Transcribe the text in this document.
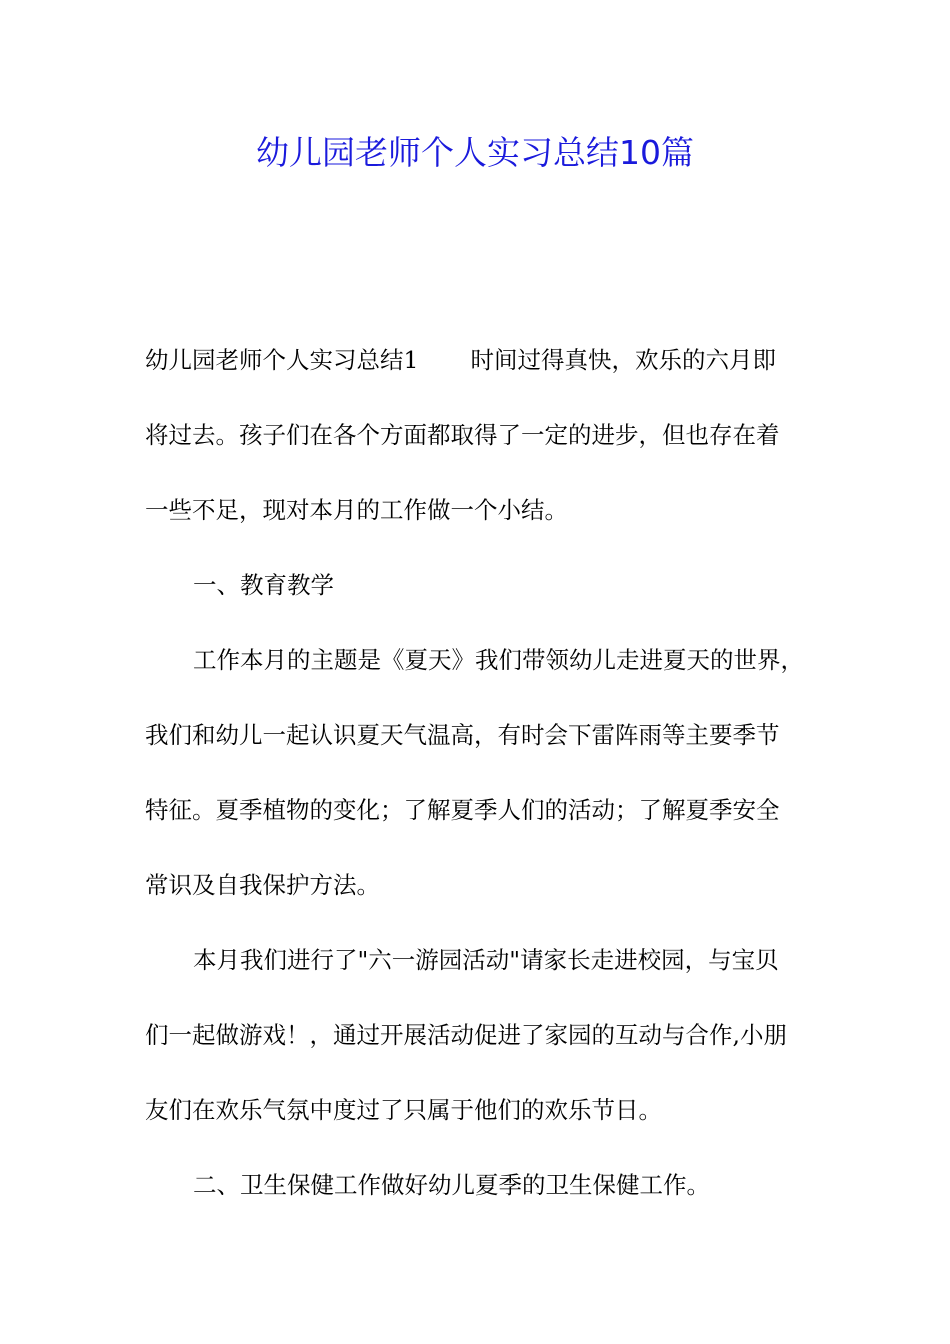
幼儿园老师个人实习总结10篇
幼儿园老师个人实习总结1 时间过得真快，欢乐的六月即

将过去。孩子们在各个方面都取得了一定的进步，但也存在着

一些不足，现对本月的工作做一个小结。

一、教育教学

工作本月的主题是《夏天》我们带领幼儿走进夏天的世界，

我们和幼儿一起认识夏天气温高，有时会下雷阵雨等主要季节

特征。夏季植物的变化；了解夏季人们的活动；了解夏季安全

常识及自我保护方法。

本月我们进行了"六一游园活动"请家长走进校园，与宝贝

们一起做游戏！，通过开展活动促进了家园的互动与合作,小朋

友们在欢乐气氛中度过了只属于他们的欢乐节日。

二、卫生保健工作做好幼儿夏季的卫生保健工作。
